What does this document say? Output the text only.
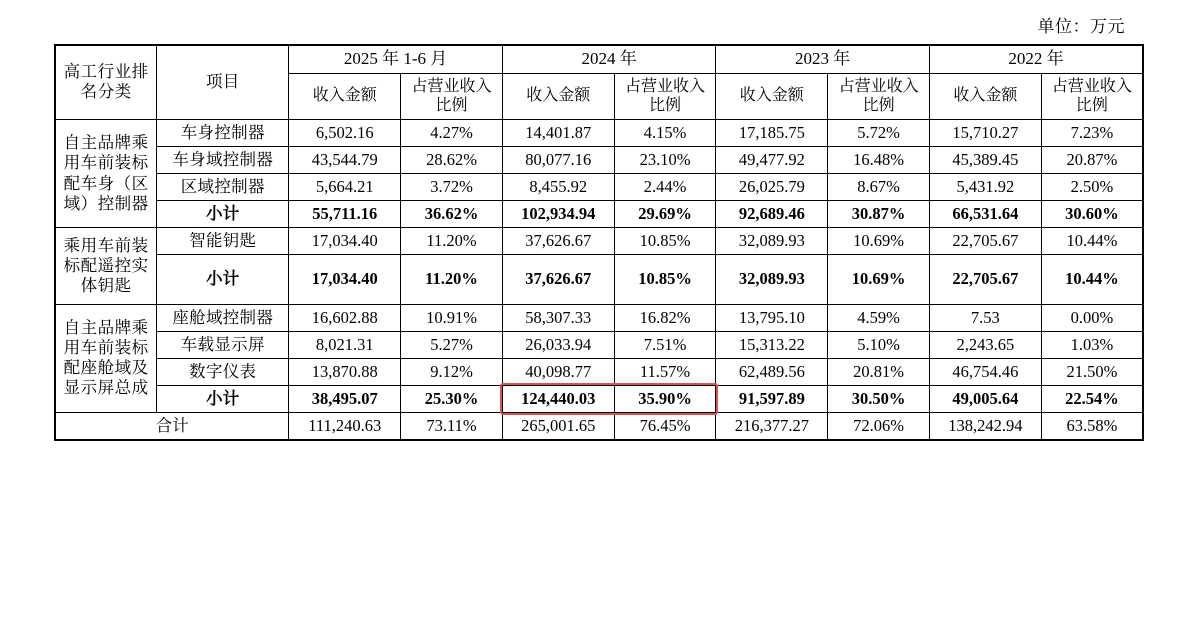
单位：万元
高工行业排名分类	项目	2025 年 1-6 月		2024 年		2023 年		2022 年	
		收入金额	占营业收入比例	收入金额	占营业收入比例	收入金额	占营业收入比例	收入金额	占营业收入比例
自主品牌乘用车前装标配车身（区域）控制器	车身控制器	6,502.16	4.27%	14,401.87	4.15%	17,185.75	5.72%	15,710.27	7.23%
	车身域控制器	43,544.79	28.62%	80,077.16	23.10%	49,477.92	16.48%	45,389.45	20.87%
	区域控制器	5,664.21	3.72%	8,455.92	2.44%	26,025.79	8.67%	5,431.92	2.50%
	小计	55,711.16	36.62%	102,934.94	29.69%	92,689.46	30.87%	66,531.64	30.60%
乘用车前装标配遥控实体钥匙	智能钥匙	17,034.40	11.20%	37,626.67	10.85%	32,089.93	10.69%	22,705.67	10.44%
	小计	17,034.40	11.20%	37,626.67	10.85%	32,089.93	10.69%	22,705.67	10.44%
自主品牌乘用车前装标配座舱域及显示屏总成	座舱域控制器	16,602.88	10.91%	58,307.33	16.82%	13,795.10	4.59%	7.53	0.00%
	车载显示屏	8,021.31	5.27%	26,033.94	7.51%	15,313.22	5.10%	2,243.65	1.03%
	数字仪表	13,870.88	9.12%	40,098.77	11.57%	62,489.56	20.81%	46,754.46	21.50%
	小计	38,495.07	25.30%	124,440.03	35.90%	91,597.89	30.50%	49,005.64	22.54%
合计		111,240.63	73.11%	265,001.65	76.45%	216,377.27	72.06%	138,242.94	63.58%
